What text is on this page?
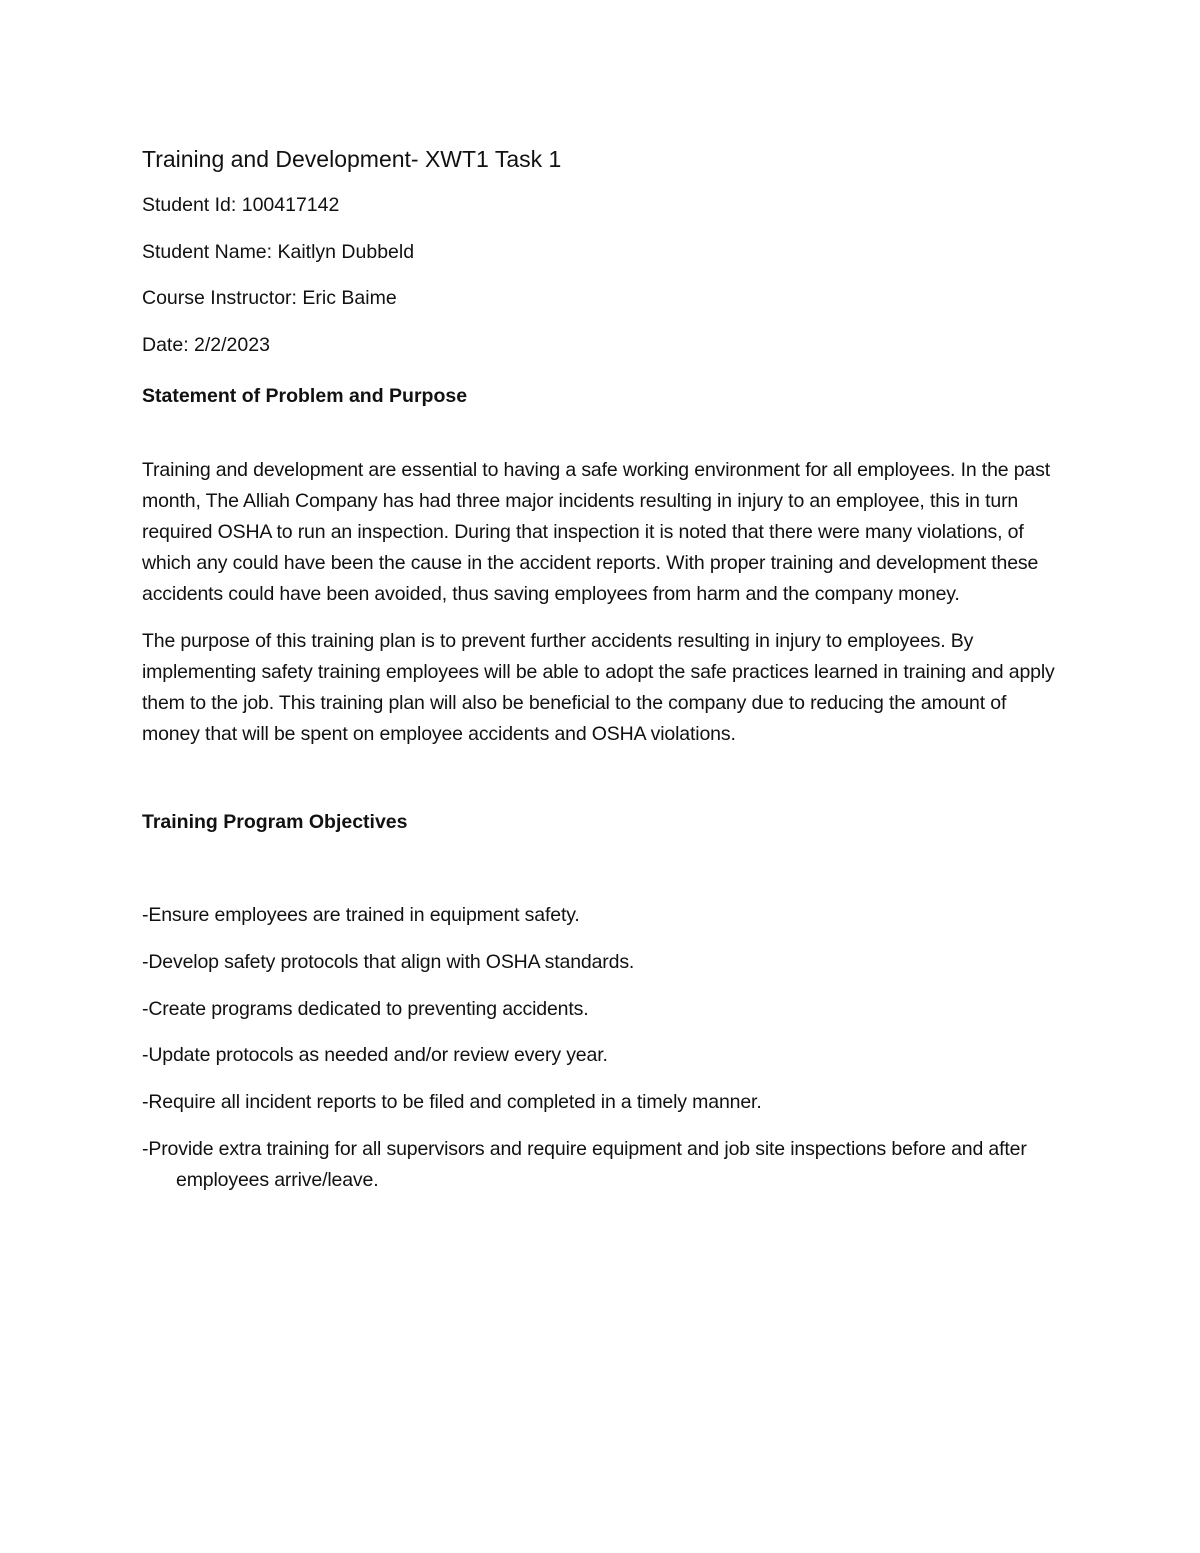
Training and Development- XWT1 Task 1
Student Id: 100417142
Student Name: Kaitlyn Dubbeld
Course Instructor: Eric Baime
Date: 2/2/2023
Statement of Problem and Purpose

Training and development are essential to having a safe working environment for all employees. In the past month, The Alliah Company has had three major incidents resulting in injury to an employee, this in turn required OSHA to run an inspection. During that inspection it is noted that there were many violations, of which any could have been the cause in the accident reports. With proper training and development these accidents could have been avoided, thus saving employees from harm and the company money.

The purpose of this training plan is to prevent further accidents resulting in injury to employees. By implementing safety training employees will be able to adopt the safe practices learned in training and apply them to the job. This training plan will also be beneficial to the company due to reducing the amount of money that will be spent on employee accidents and OSHA violations.

Training Program Objectives
-Ensure employees are trained in equipment safety.
-Develop safety protocols that align with OSHA standards.
-Create programs dedicated to preventing accidents.
-Update protocols as needed and/or review every year.
-Require all incident reports to be filed and completed in a timely manner.
-Provide extra training for all supervisors and require equipment and job site inspections before and after employees arrive/leave.
